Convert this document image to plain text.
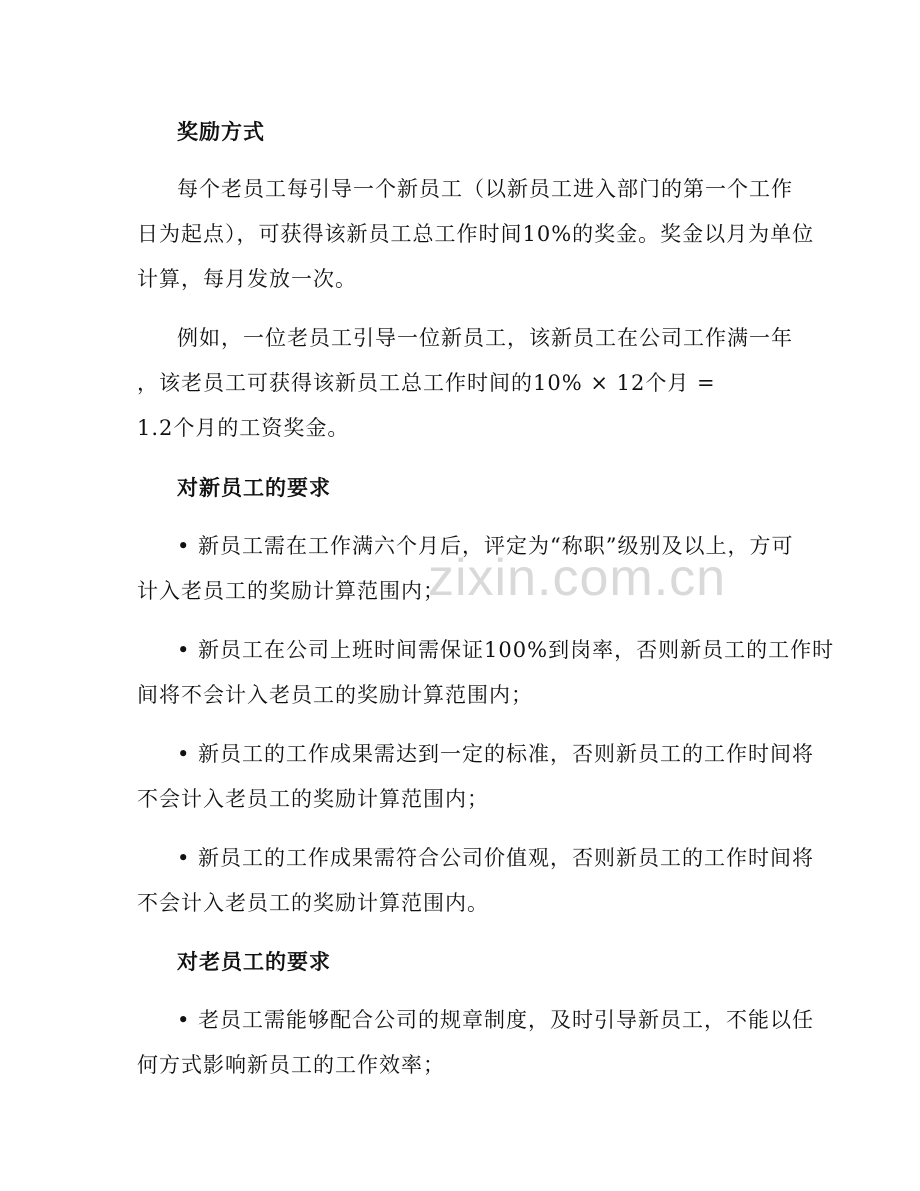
奖励方式
每个老员工每引导一个新员工（以新员工进入部门的第一个工作
日为起点），可获得该新员工总工作时间10%的奖金。奖金以月为单位
计算，每月发放一次。
例如，一位老员工引导一位新员工，该新员工在公司工作满一年
，该老员工可获得该新员工总工作时间的10% × 12个月 =
1.2个月的工资奖金。
对新员工的要求
• 新员工需在工作满六个月后，评定为“称职”级别及以上，方可
计入老员工的奖励计算范围内；
• 新员工在公司上班时间需保证100%到岗率，否则新员工的工作时
间将不会计入老员工的奖励计算范围内；
• 新员工的工作成果需达到一定的标准，否则新员工的工作时间将
不会计入老员工的奖励计算范围内；
• 新员工的工作成果需符合公司价值观，否则新员工的工作时间将
不会计入老员工的奖励计算范围内。
对老员工的要求
• 老员工需能够配合公司的规章制度，及时引导新员工，不能以任
何方式影响新员工的工作效率；
zixin.com.cn
